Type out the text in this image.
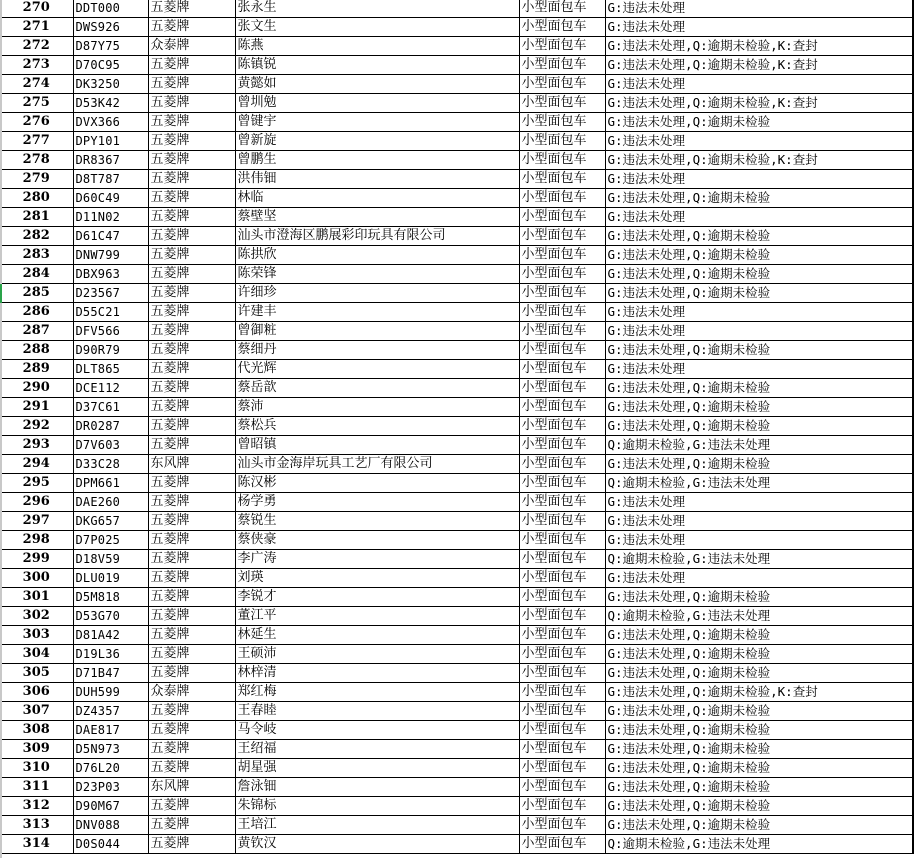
270	DDT000	五菱牌	张永生	小型面包车	G:违法未处理
271	DWS926	五菱牌	张文生	小型面包车	G:违法未处理
272	D87Y75	众泰牌	陈燕	小型面包车	G:违法未处理,Q:逾期未检验,K:查封
273	D70C95	五菱牌	陈镇锐	小型面包车	G:违法未处理,Q:逾期未检验,K:查封
274	DK3250	五菱牌	黄懿如	小型面包车	G:违法未处理
275	D53K42	五菱牌	曾圳勉	小型面包车	G:违法未处理,Q:逾期未检验,K:查封
276	DVX366	五菱牌	曾键宇	小型面包车	G:违法未处理,Q:逾期未检验
277	DPY101	五菱牌	曾新旋	小型面包车	G:违法未处理
278	DR8367	五菱牌	曾鹏生	小型面包车	G:违法未处理,Q:逾期未检验,K:查封
279	D8T787	五菱牌	洪伟钿	小型面包车	G:违法未处理
280	D60C49	五菱牌	林临	小型面包车	G:违法未处理,Q:逾期未检验
281	D11N02	五菱牌	蔡壁坚	小型面包车	G:违法未处理
282	D61C47	五菱牌	汕头市澄海区鹏展彩印玩具有限公司	小型面包车	G:违法未处理,Q:逾期未检验
283	DNW799	五菱牌	陈拱欣	小型面包车	G:违法未处理,Q:逾期未检验
284	DBX963	五菱牌	陈荣锋	小型面包车	G:违法未处理,Q:逾期未检验
285	D23567	五菱牌	许细珍	小型面包车	G:违法未处理,Q:逾期未检验
286	D55C21	五菱牌	许建丰	小型面包车	G:违法未处理
287	DFV566	五菱牌	曾御粧	小型面包车	G:违法未处理
288	D90R79	五菱牌	蔡细丹	小型面包车	G:违法未处理,Q:逾期未检验
289	DLT865	五菱牌	代光辉	小型面包车	G:违法未处理
290	DCE112	五菱牌	蔡岳歆	小型面包车	G:违法未处理,Q:逾期未检验
291	D37C61	五菱牌	蔡沛	小型面包车	G:违法未处理,Q:逾期未检验
292	DR0287	五菱牌	蔡松兵	小型面包车	G:违法未处理,Q:逾期未检验
293	D7V603	五菱牌	曾昭镇	小型面包车	Q:逾期未检验,G:违法未处理
294	D33C28	东风牌	汕头市金海岸玩具工艺厂有限公司	小型面包车	G:违法未处理,Q:逾期未检验
295	DPM661	五菱牌	陈汉彬	小型面包车	Q:逾期未检验,G:违法未处理
296	DAE260	五菱牌	杨学勇	小型面包车	G:违法未处理
297	DKG657	五菱牌	蔡锐生	小型面包车	G:违法未处理
298	D7P025	五菱牌	蔡侠豪	小型面包车	G:违法未处理
299	D18V59	五菱牌	李广涛	小型面包车	Q:逾期未检验,G:违法未处理
300	DLU019	五菱牌	刘瑛	小型面包车	G:违法未处理
301	D5M818	五菱牌	李锐才	小型面包车	G:违法未处理,Q:逾期未检验
302	D53G70	五菱牌	董江平	小型面包车	Q:逾期未检验,G:违法未处理
303	D81A42	五菱牌	林延生	小型面包车	G:违法未处理,Q:逾期未检验
304	D19L36	五菱牌	王硕沛	小型面包车	G:违法未处理,Q:逾期未检验
305	D71B47	五菱牌	林梓清	小型面包车	G:违法未处理,Q:逾期未检验
306	DUH599	众泰牌	郑红梅	小型面包车	G:违法未处理,Q:逾期未检验,K:查封
307	DZ4357	五菱牌	王春睦	小型面包车	G:违法未处理,Q:逾期未检验
308	DAE817	五菱牌	马令岐	小型面包车	G:违法未处理,Q:逾期未检验
309	D5N973	五菱牌	王绍福	小型面包车	G:违法未处理,Q:逾期未检验
310	D76L20	五菱牌	胡星强	小型面包车	G:违法未处理,Q:逾期未检验
311	D23P03	东风牌	詹泳钿	小型面包车	G:违法未处理,Q:逾期未检验
312	D90M67	五菱牌	朱锦标	小型面包车	G:违法未处理,Q:逾期未检验
313	DNV088	五菱牌	王培江	小型面包车	G:违法未处理,Q:逾期未检验
314	D0S044	五菱牌	黄钦汉	小型面包车	Q:逾期未检验,G:违法未处理
